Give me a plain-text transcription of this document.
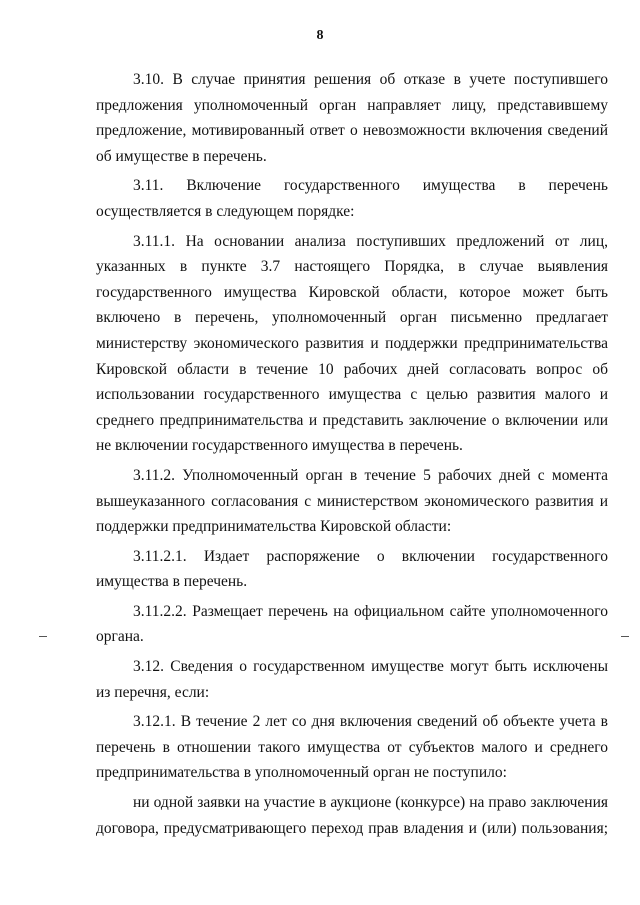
8

3.10. В случае принятия решения об отказе в учете поступившего предложения уполномоченный орган направляет лицу, представившему предложение, мотивированный ответ о невозможности включения сведений об имуществе в перечень.

3.11. Включение государственного имущества в перечень осуществляется в следующем порядке:

3.11.1. На основании анализа поступивших предложений от лиц, указанных в пункте 3.7 настоящего Порядка, в случае выявления государственного имущества Кировской области, которое может быть включено в перечень, уполномоченный орган письменно предлагает министерству экономического развития и поддержки предпринимательства Кировской области в течение 10 рабочих дней согласовать вопрос об использовании государственного имущества с целью развития малого и среднего предпринимательства и представить заключение о включении или не включении государственного имущества в перечень.

3.11.2. Уполномоченный орган в течение 5 рабочих дней с момента вышеуказанного согласования с министерством экономического развития и поддержки предпринимательства Кировской области:

3.11.2.1. Издает распоряжение о включении государственного имущества в перечень.

3.11.2.2. Размещает перечень на официальном сайте уполномоченного органа.

3.12. Сведения о государственном имуществе могут быть исключены из перечня, если:

3.12.1. В течение 2 лет со дня включения сведений об объекте учета в перечень в отношении такого имущества от субъектов малого и среднего предпринимательства в уполномоченный орган не поступило:

ни одной заявки на участие в аукционе (конкурсе) на право заключения договора, предусматривающего переход прав владения и (или) пользования;
